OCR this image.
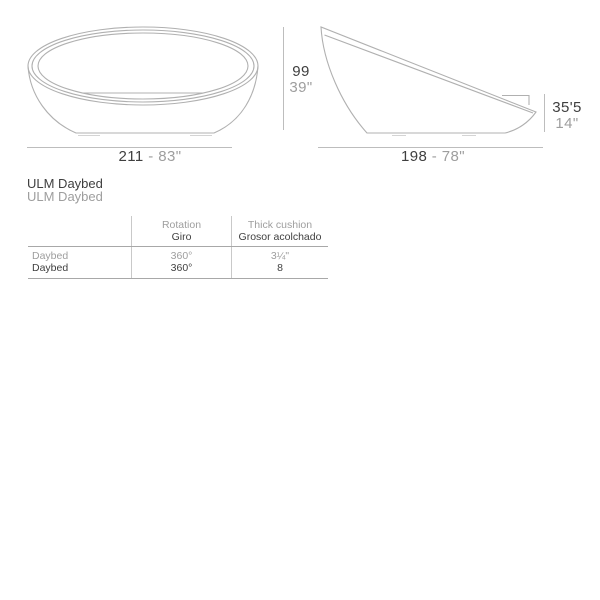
99
39"
211 - 83"	198 - 78"
35'5
14"
ULM Daybed
ULM Daybed
Rotation
Giro
Thick cushion
Grosor acolchado
Daybed
Daybed
360°
360°
3¼"
8
